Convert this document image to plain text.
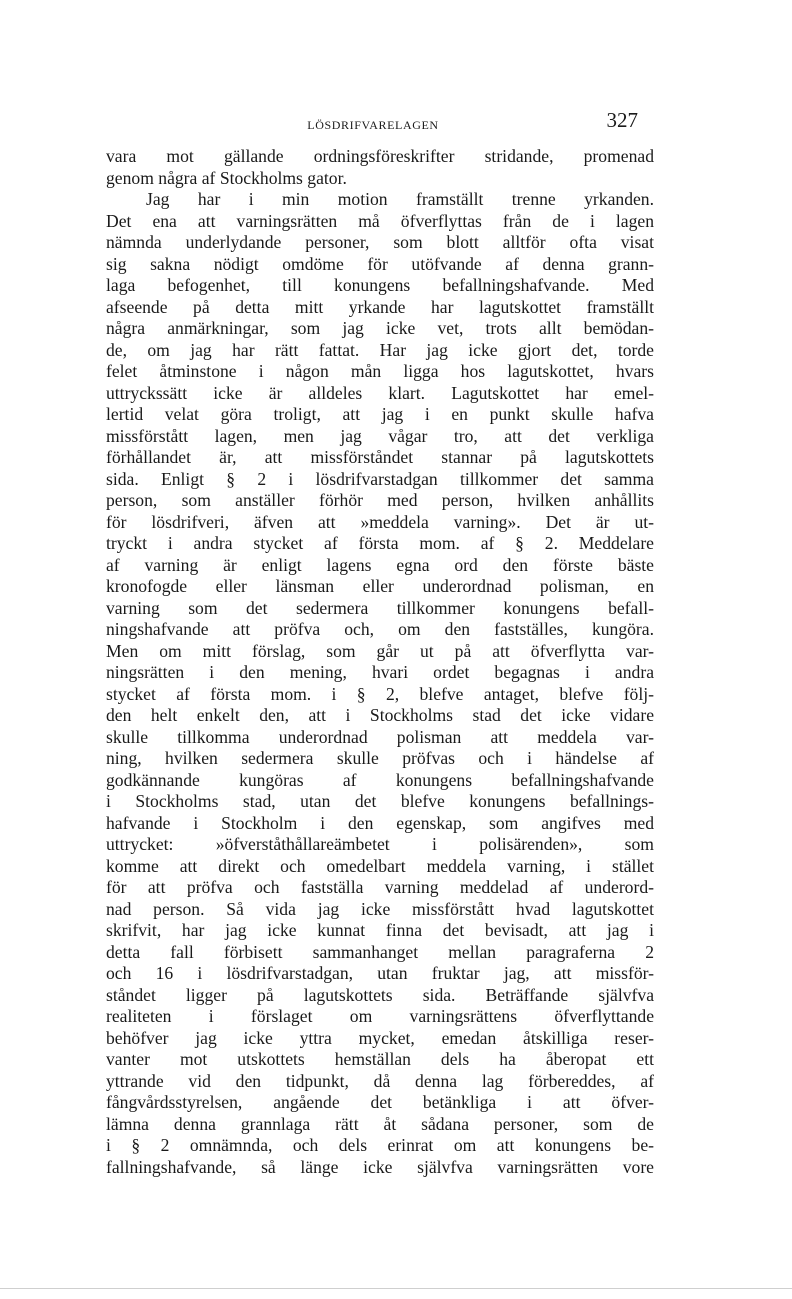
LÖSDRIFVARELAGEN	327
vara mot gällande ordningsföreskrifter stridande, promenad
genom några af Stockholms gator.
Jag har i min motion framställt trenne yrkanden.
Det ena att varningsrätten må öfverflyttas från de i lagen
nämnda underlydande personer, som blott alltför ofta visat
sig sakna nödigt omdöme för utöfvande af denna grann-
laga befogenhet, till konungens befallningshafvande. Med
afseende på detta mitt yrkande har lagutskottet framställt
några anmärkningar, som jag icke vet, trots allt bemödan-
de, om jag har rätt fattat. Har jag icke gjort det, torde
felet åtminstone i någon mån ligga hos lagutskottet, hvars
uttryckssätt icke är alldeles klart. Lagutskottet har emel-
lertid velat göra troligt, att jag i en punkt skulle hafva
missförstått lagen, men jag vågar tro, att det verkliga
förhållandet är, att missförståndet stannar på lagutskottets
sida. Enligt § 2 i lösdrifvarstadgan tillkommer det samma
person, som anställer förhör med person, hvilken anhållits
för lösdrifveri, äfven att »meddela varning». Det är ut-
tryckt i andra stycket af första mom. af § 2. Meddelare
af varning är enligt lagens egna ord den förste bäste
kronofogde eller länsman eller underordnad polisman, en
varning som det sedermera tillkommer konungens befall-
ningshafvande att pröfva och, om den fastställes, kungöra.
Men om mitt förslag, som går ut på att öfverflytta var-
ningsrätten i den mening, hvari ordet begagnas i andra
stycket af första mom. i § 2, blefve antaget, blefve följ-
den helt enkelt den, att i Stockholms stad det icke vidare
skulle tillkomma underordnad polisman att meddela var-
ning, hvilken sedermera skulle pröfvas och i händelse af
godkännande kungöras af konungens befallningshafvande
i Stockholms stad, utan det blefve konungens befallnings-
hafvande i Stockholm i den egenskap, som angifves med
uttrycket: »öfverståthållareämbetet i polisärenden», som
komme att direkt och omedelbart meddela varning, i stället
för att pröfva och fastställa varning meddelad af underord-
nad person. Så vida jag icke missförstått hvad lagutskottet
skrifvit, har jag icke kunnat finna det bevisadt, att jag i
detta fall förbisett sammanhanget mellan paragraferna 2
och 16 i lösdrifvarstadgan, utan fruktar jag, att missför-
ståndet ligger på lagutskottets sida. Beträffande självfva
realiteten i förslaget om varningsrättens öfverflyttande
behöfver jag icke yttra mycket, emedan åtskilliga reser-
vanter mot utskottets hemställan dels ha åberopat ett
yttrande vid den tidpunkt, då denna lag förbereddes, af
fångvårdsstyrelsen, angående det betänkliga i att öfver-
lämna denna grannlaga rätt åt sådana personer, som de
i § 2 omnämnda, och dels erinrat om att konungens be-
fallningshafvande, så länge icke självfva varningsrätten vore
